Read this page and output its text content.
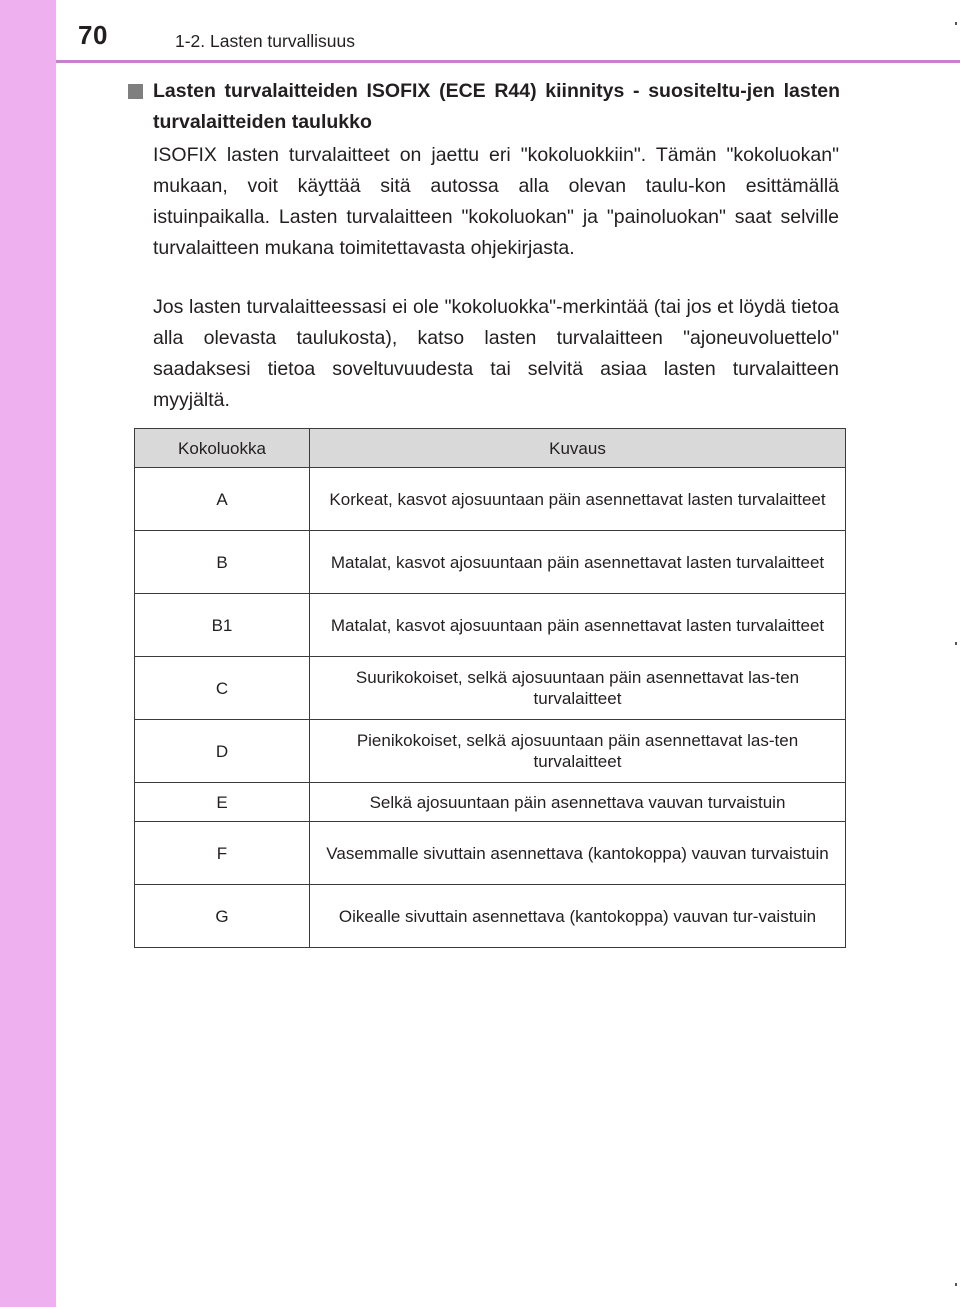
70	1-2. Lasten turvallisuus
Lasten turvalaitteiden ISOFIX (ECE R44) kiinnitys - suositeltu-jen lasten turvalaitteiden taulukko

ISOFIX lasten turvalaitteet on jaettu eri "kokoluokkiin". Tämän "kokoluokan" mukaan, voit käyttää sitä autossa alla olevan taulu-kon esittämällä istuinpaikalla. Lasten turvalaitteen "kokoluokan" ja "painoluokan" saat selville turvalaitteen mukana toimitettavasta ohjekirjasta.

Jos lasten turvalaitteessasi ei ole "kokoluokka"-merkintää (tai jos et löydä tietoa alla olevasta taulukosta), katso lasten turvalaitteen "ajoneuvoluettelo" saadaksesi tietoa soveltuvuudesta tai selvitä asiaa lasten turvalaitteen myyjältä.

Kokoluokka	Kuvaus
A	Korkeat, kasvot ajosuuntaan päin asennettavat lasten turvalaitteet
B	Matalat, kasvot ajosuuntaan päin asennettavat lasten turvalaitteet
B1	Matalat, kasvot ajosuuntaan päin asennettavat lasten turvalaitteet
C	Suurikokoiset, selkä ajosuuntaan päin asennettavat las-ten turvalaitteet
D	Pienikokoiset, selkä ajosuuntaan päin asennettavat las-ten turvalaitteet
E	Selkä ajosuuntaan päin asennettava vauvan turvaistuin
F	Vasemmalle sivuttain asennettava (kantokoppa) vauvan turvaistuin
G	Oikealle sivuttain asennettava (kantokoppa) vauvan tur-vaistuin
